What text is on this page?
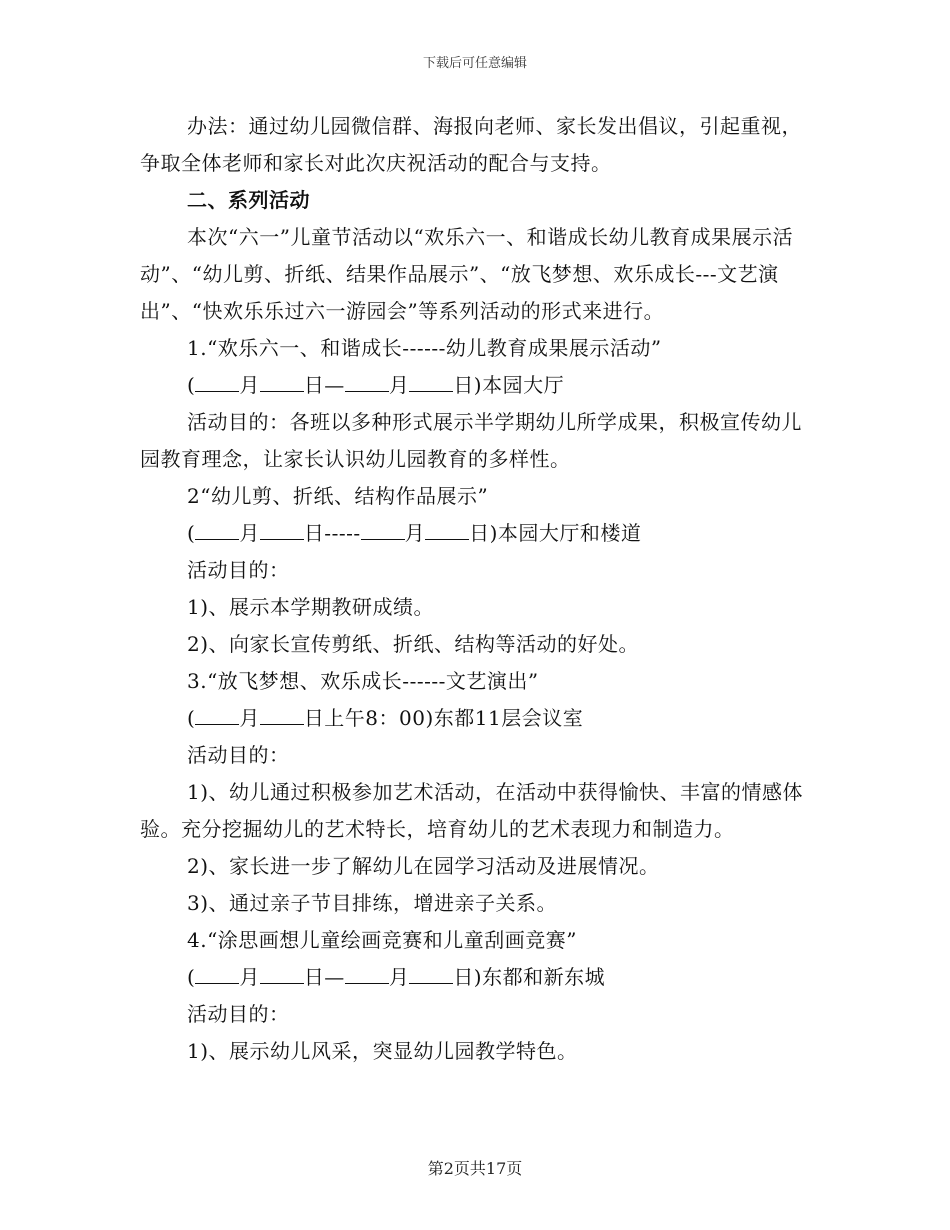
下载后可任意编辑

办法：通过幼儿园微信群、海报向老师、家长发出倡议，引起重视，争取全体老师和家长对此次庆祝活动的配合与支持。

二、系列活动

本次“六一”儿童节活动以“欢乐六一、和谐成长幼儿教育成果展示活动”、“幼儿剪、折纸、结果作品展示”、“放飞梦想、欢乐成长---文艺演出”、“快欢乐乐过六一游园会”等系列活动的形式来进行。

1.“欢乐六一、和谐成长------幼儿教育成果展示活动”

( 月 日— 月 日)本园大厅

活动目的：各班以多种形式展示半学期幼儿所学成果，积极宣传幼儿园教育理念，让家长认识幼儿园教育的多样性。

2“幼儿剪、折纸、结构作品展示”

( 月 日----- 月 日)本园大厅和楼道

活动目的：

1)、展示本学期教研成绩。

2)、向家长宣传剪纸、折纸、结构等活动的好处。

3.“放飞梦想、欢乐成长------文艺演出”

( 月 日上午8：00)东都11层会议室

活动目的：

1)、幼儿通过积极参加艺术活动，在活动中获得愉快、丰富的情感体验。充分挖掘幼儿的艺术特长，培育幼儿的艺术表现力和制造力。

2)、家长进一步了解幼儿在园学习活动及进展情况。

3)、通过亲子节目排练，增进亲子关系。

4.“涂思画想儿童绘画竞赛和儿童刮画竞赛”

( 月 日— 月 日)东都和新东城

活动目的：

1)、展示幼儿风采，突显幼儿园教学特色。

第2页共17页
